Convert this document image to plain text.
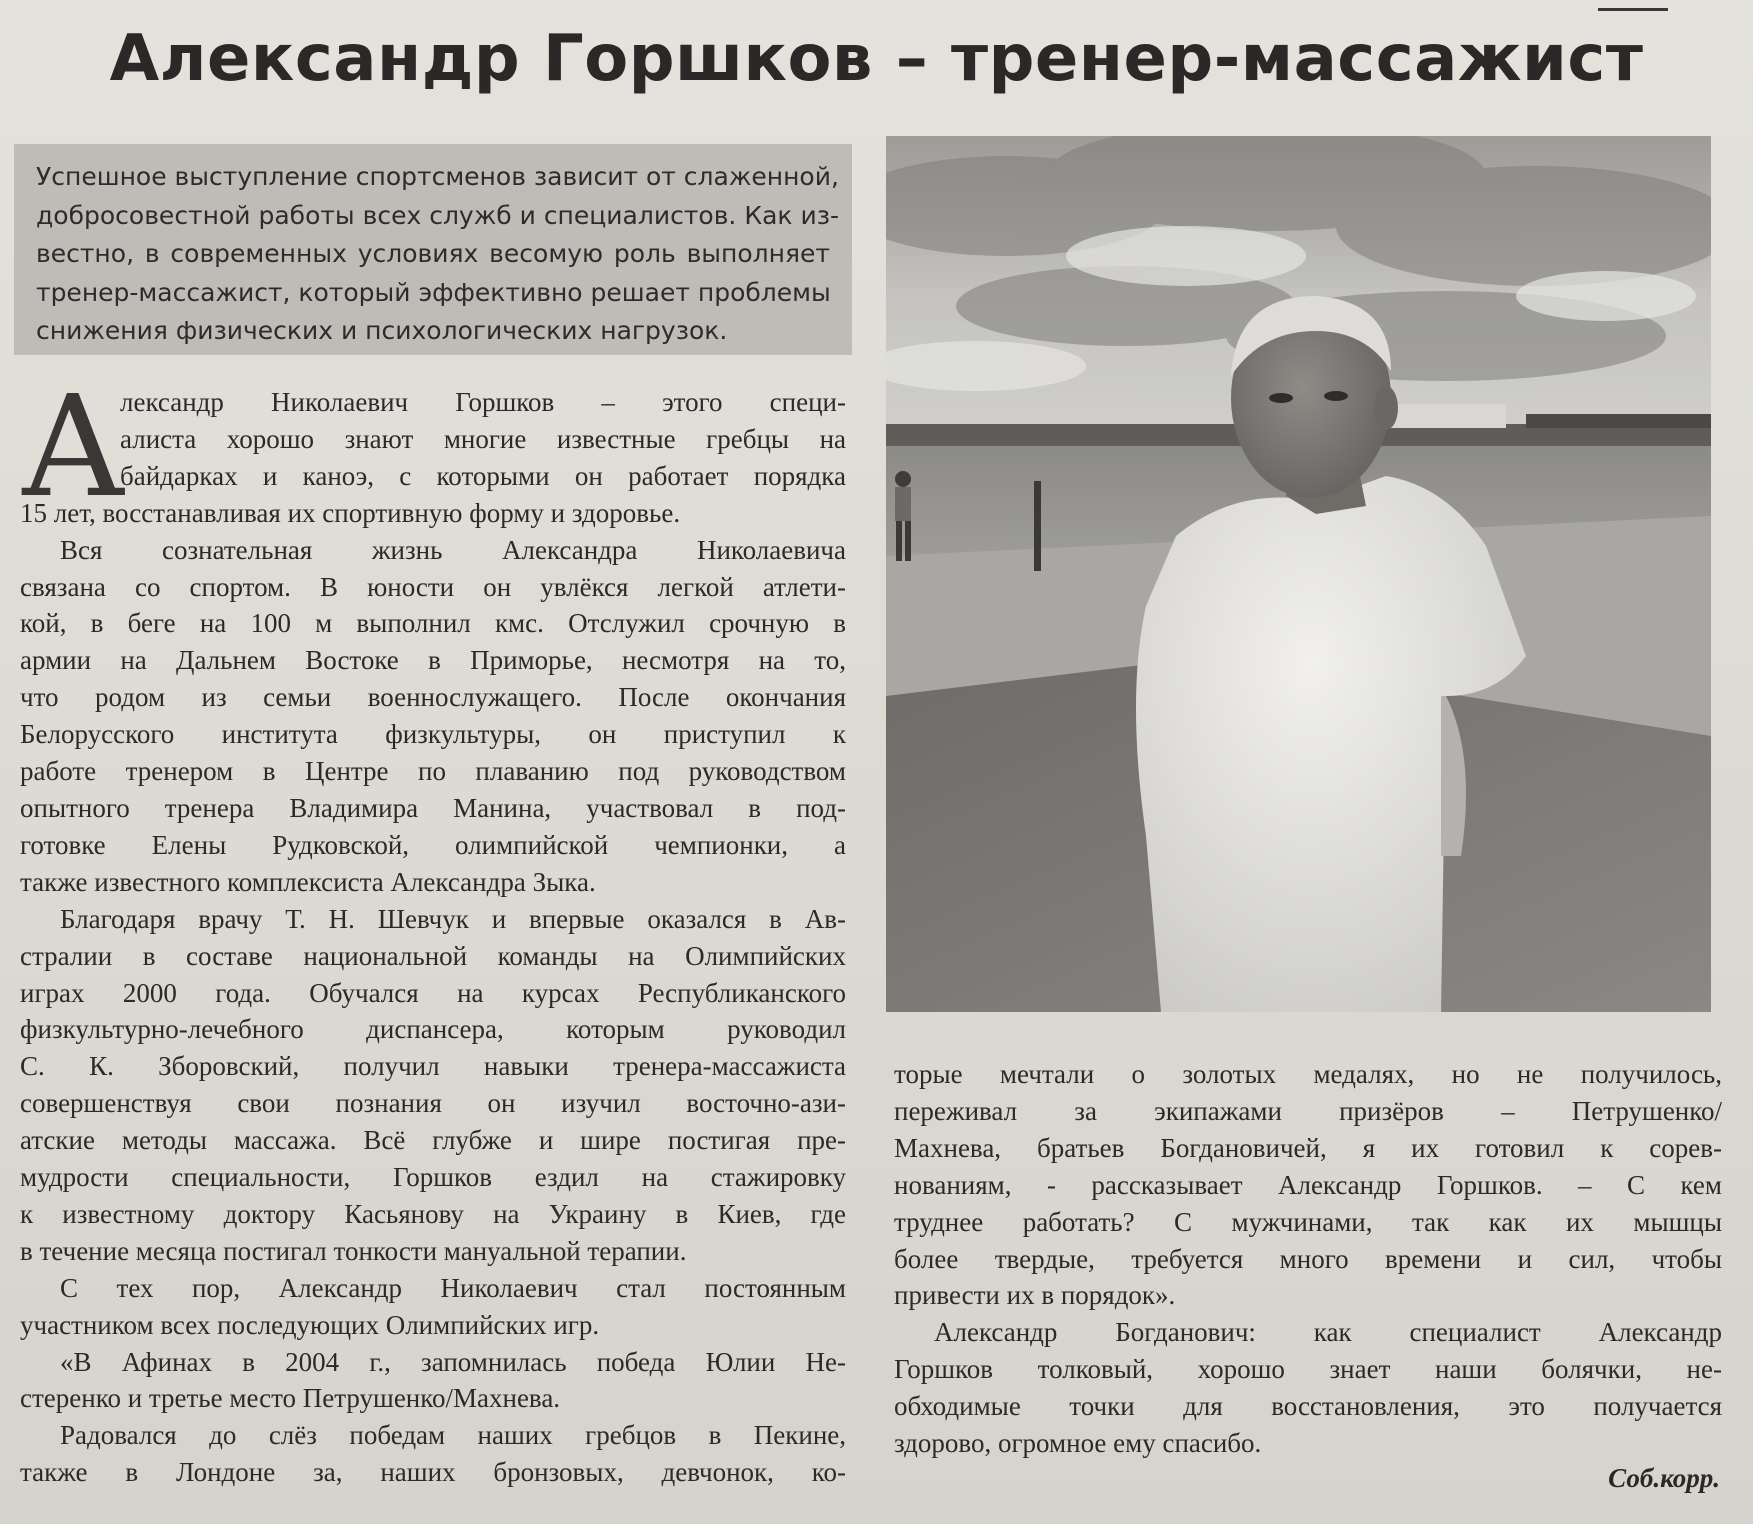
Александр Горшков – тренер-массажист
Успешное выступление спортсменов зависит от слаженной,
добросовестной работы всех служб и специалистов. Как из-
вестно, в современных условиях весомую роль выполняет
тренер-массажист, который эффективно решает проблемы
снижения физических и психологических нагрузок.
А
лександр Николаевич Горшков – этого специ-
алиста хорошо знают многие известные гребцы на
байдарках и каноэ, с которыми он работает порядка
15 лет, восстанавливая их спортивную форму и здоровье.
Вся сознательная жизнь Александра Николаевича
связана со спортом. В юности он увлёкся легкой атлети-
кой, в беге на 100 м выполнил кмс. Отслужил срочную в
армии на Дальнем Востоке в Приморье, несмотря на то,
что родом из семьи военнослужащего. После окончания
Белорусского института физкультуры, он приступил к
работе тренером в Центре по плаванию под руководством
опытного тренера Владимира Манина, участвовал в под-
готовке Елены Рудковской, олимпийской чемпионки, а
также известного комплексиста Александра Зыка.
Благодаря врачу Т. Н. Шевчук и впервые оказался в Ав-
стралии в составе национальной команды на Олимпийских
играх 2000 года. Обучался на курсах Республиканского
физкультурно-лечебного диспансера, которым руководил
С. К. Зборовский, получил навыки тренера-массажиста
совершенствуя свои познания он изучил восточно-ази-
атские методы массажа. Всё глубже и шире постигая пре-
мудрости специальности, Горшков ездил на стажировку
к известному доктору Касьянову на Украину в Киев, где
в течение месяца постигал тонкости мануальной терапии.
С тех пор, Александр Николаевич стал постоянным
участником всех последующих Олимпийских игр.
«В Афинах в 2004 г., запомнилась победа Юлии Не-
стеренко и третье место Петрушенко/Махнева.
Радовался до слёз победам наших гребцов в Пекине,
также в Лондоне за, наших бронзовых, девчонок, ко-
торые мечтали о золотых медалях, но не получилось,
переживал за экипажами призёров – Петрушенко/
Махнева, братьев Богдановичей, я их готовил к сорев-
нованиям, - рассказывает Александр Горшков. – С кем
труднее работать? С мужчинами, так как их мышцы
более твердые, требуется много времени и сил, чтобы
привести их в порядок».
Александр Богданович: как специалист Александр
Горшков толковый, хорошо знает наши болячки, не-
обходимые точки для восстановления, это получается
здорово, огромное ему спасибо.
Соб.корр.
